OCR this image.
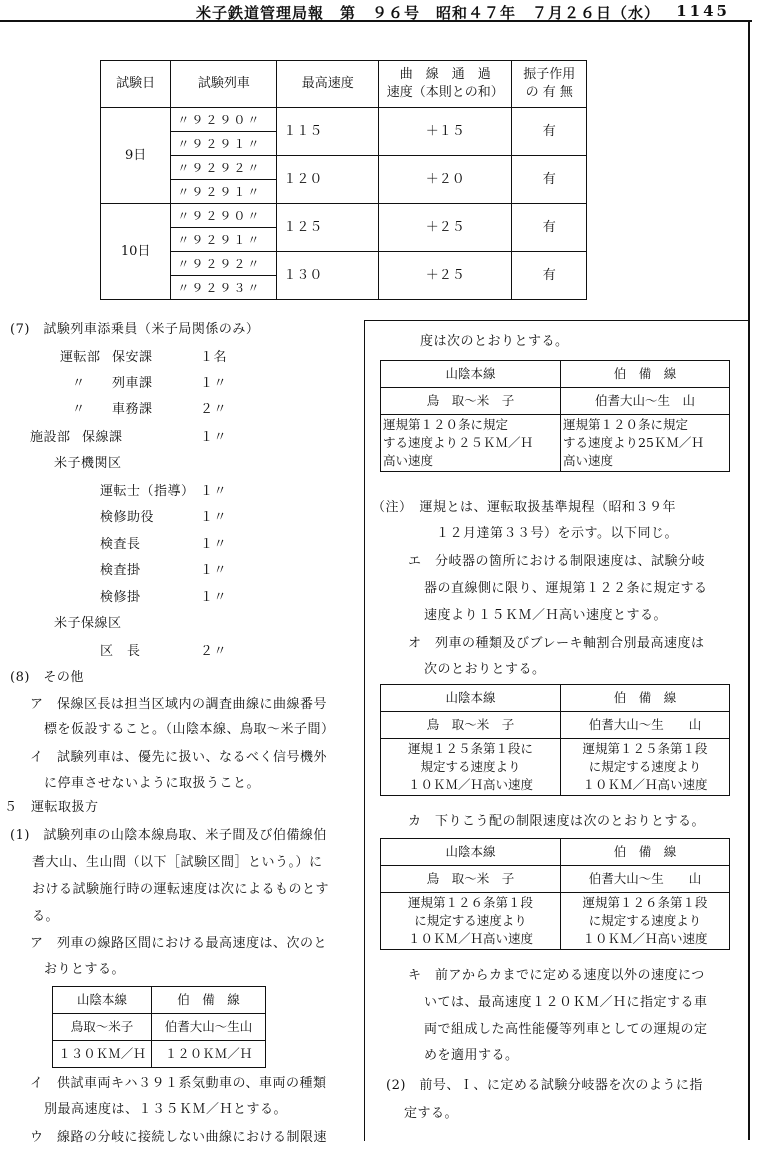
米子鉄道管理局報　第　９６号　昭和４７年　７月２６日（水） 1145
試験日	試験列車	最高速度	曲　線　通　過
速度（本則との和）	振子作用
の 有 無
9日	〃９２９０〃	１１５	＋１５	有
	〃９２９１〃			
	〃９２９２〃	１２０	＋２０	有
	〃９２９１〃			
10日	〃９２９０〃	１２５	＋２５	有
	〃９２９１〃			
	〃９２９２〃	１３０	＋２５	有
	〃９２９３〃			
(7)　試験列車添乗員（米子局関係のみ）
運転部 保安課	１名
〃 列車課	１〃
〃 車務課	２〃
施設部 保線課	１〃
米子機関区
運転士（指導） １〃
検修助役	１〃
検査長	１〃
検査掛	１〃
検修掛	１〃
米子保線区
区　長	２〃
(8)　その他
ア　保線区長は担当区域内の調査曲線に曲線番号
標を仮設すること。（山陰本線、鳥取～米子間）
イ　試験列車は、優先に扱い、なるべく信号機外
に停車させないように取扱うこと。
５　運転取扱方
(1)　試験列車の山陰本線鳥取、米子間及び伯備線伯
耆大山、生山間（以下［試験区間］という。）に
おける試験施行時の運転速度は次によるものとす
る。
ア　列車の線路区間における最高速度は、次のと
おりとする。
山陰本線	伯　備　線
鳥取～米子	伯耆大山～生山
１３０ＫＭ／Ｈ	１２０ＫＭ／Ｈ
イ　供試車両キハ３９１系気動車の、車両の種類
別最高速度は、１３５ＫＭ／Ｈとする。
ウ　線路の分岐に接続しない曲線における制限速
度は次のとおりとする。
山陰本線	伯　備　線
鳥　取～米　子	伯耆大山～生　山
運規第１２０条に規定
する速度より２５ＫＭ／Ｈ
高い速度	運規第１２０条に規定
する速度より25ＫＭ／Ｈ
高い速度
（注）　運規とは、運転取扱基準規程（昭和３９年
１２月達第３３号）を示す。以下同じ。
エ　分岐器の箇所における制限速度は、試験分岐
器の直線側に限り、運規第１２２条に規定する
速度より１５ＫＭ／Ｈ高い速度とする。
オ　列車の種類及びブレーキ軸割合別最高速度は
次のとおりとする。
山陰本線	伯　備　線
鳥　取～米　子	伯耆大山～生　　山
運規１２５条第１段に
規定する速度より
１０ＫＭ／Ｈ高い速度	運規第１２５条第１段
に規定する速度より
１０ＫＭ／Ｈ高い速度
カ　下りこう配の制限速度は次のとおりとする。
山陰本線	伯　備　線
鳥　取～米　子	伯耆大山～生　　山
運規第１２６条第１段
に規定する速度より
１０ＫＭ／Ｈ高い速度	運規第１２６条第１段
に規定する速度より
１０ＫＭ／Ｈ高い速度
キ　前アからカまでに定める速度以外の速度につ
いては、最高速度１２０ＫＭ／Ｈに指定する車
両で組成した高性能優等列車としての運規の定
めを適用する。
(2)　前号、Ｉ、に定める試験分岐器を次のように指
定する。
